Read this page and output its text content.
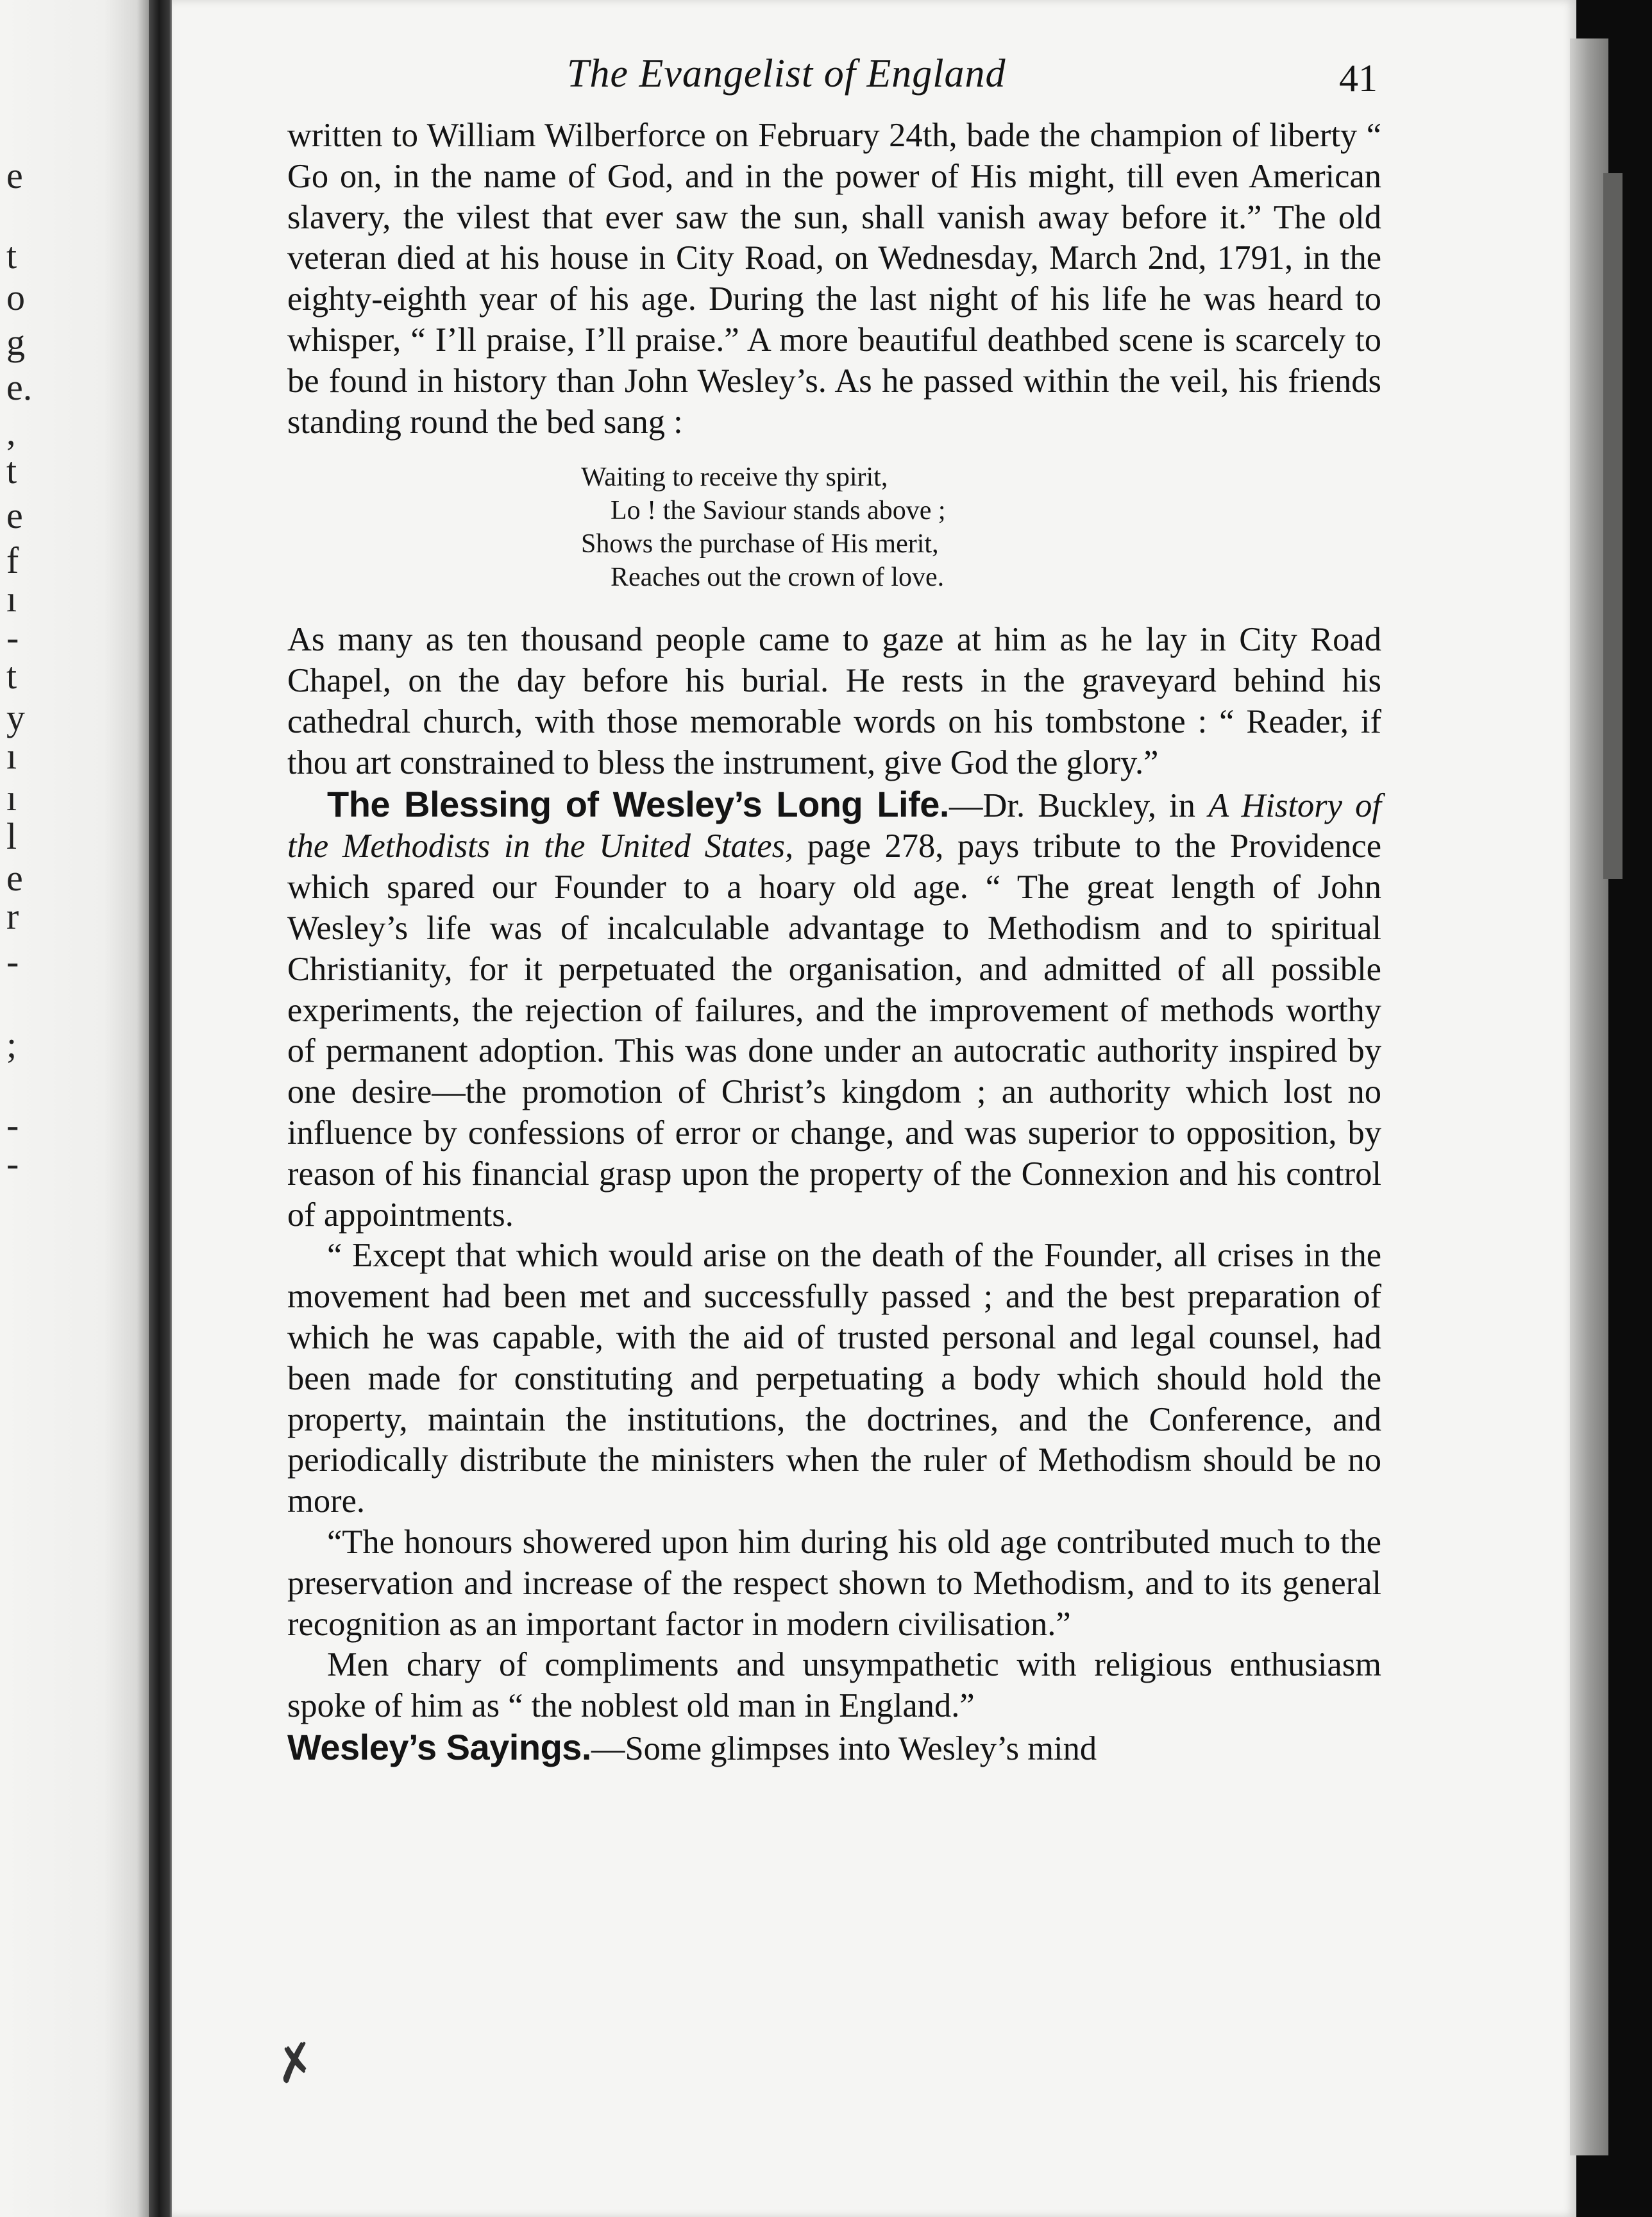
e
t
o
g
e.
,
t
e
f
ı
-
t
y
ı
ı
l
e
r
-
;
-
-
The Evangelist of England	41

written to William Wilberforce on February 24th, bade the champion of liberty “ Go on, in the name of God, and in the power of His might, till even American slavery, the vilest that ever saw the sun, shall vanish away before it.” The old veteran died at his house in City Road, on Wednesday, March 2nd, 1791, in the eighty-eighth year of his age. During the last night of his life he was heard to whisper, “ I’ll praise, I’ll praise.” A more beautiful deathbed scene is scarcely to be found in history than John Wesley’s. As he passed within the veil, his friends standing round the bed sang :

Waiting to receive thy spirit,
Lo ! the Saviour stands above ;
Shows the purchase of His merit,
Reaches out the crown of love.

As many as ten thousand people came to gaze at him as he lay in City Road Chapel, on the day before his burial. He rests in the graveyard behind his cathedral church, with those memorable words on his tombstone : “ Reader, if thou art constrained to bless the instrument, give God the glory.”

The Blessing of Wesley’s Long Life.—Dr. Buckley, in A History of the Methodists in the United States, page 278, pays tribute to the Providence which spared our Founder to a hoary old age. “ The great length of John Wesley’s life was of incalculable advantage to Methodism and to spiritual Christianity, for it perpetuated the organisation, and admitted of all possible experiments, the rejection of failures, and the improvement of methods worthy of permanent adoption. This was done under an autocratic authority inspired by one desire—the promotion of Christ’s kingdom ; an authority which lost no influence by confessions of error or change, and was superior to opposition, by reason of his financial grasp upon the property of the Connexion and his control of appointments.

“ Except that which would arise on the death of the Founder, all crises in the movement had been met and successfully passed ; and the best preparation of which he was capable, with the aid of trusted personal and legal counsel, had been made for constituting and perpetuating a body which should hold the property, maintain the institutions, the doctrines, and the Conference, and periodically distribute the ministers when the ruler of Methodism should be no more.

“The honours showered upon him during his old age contributed much to the preservation and increase of the respect shown to Methodism, and to its general recognition as an important factor in modern civilisation.”

Men chary of compliments and unsympathetic with religious enthusiasm spoke of him as “ the noblest old man in England.”

Wesley’s Sayings.—Some glimpses into Wesley’s mind

✗
